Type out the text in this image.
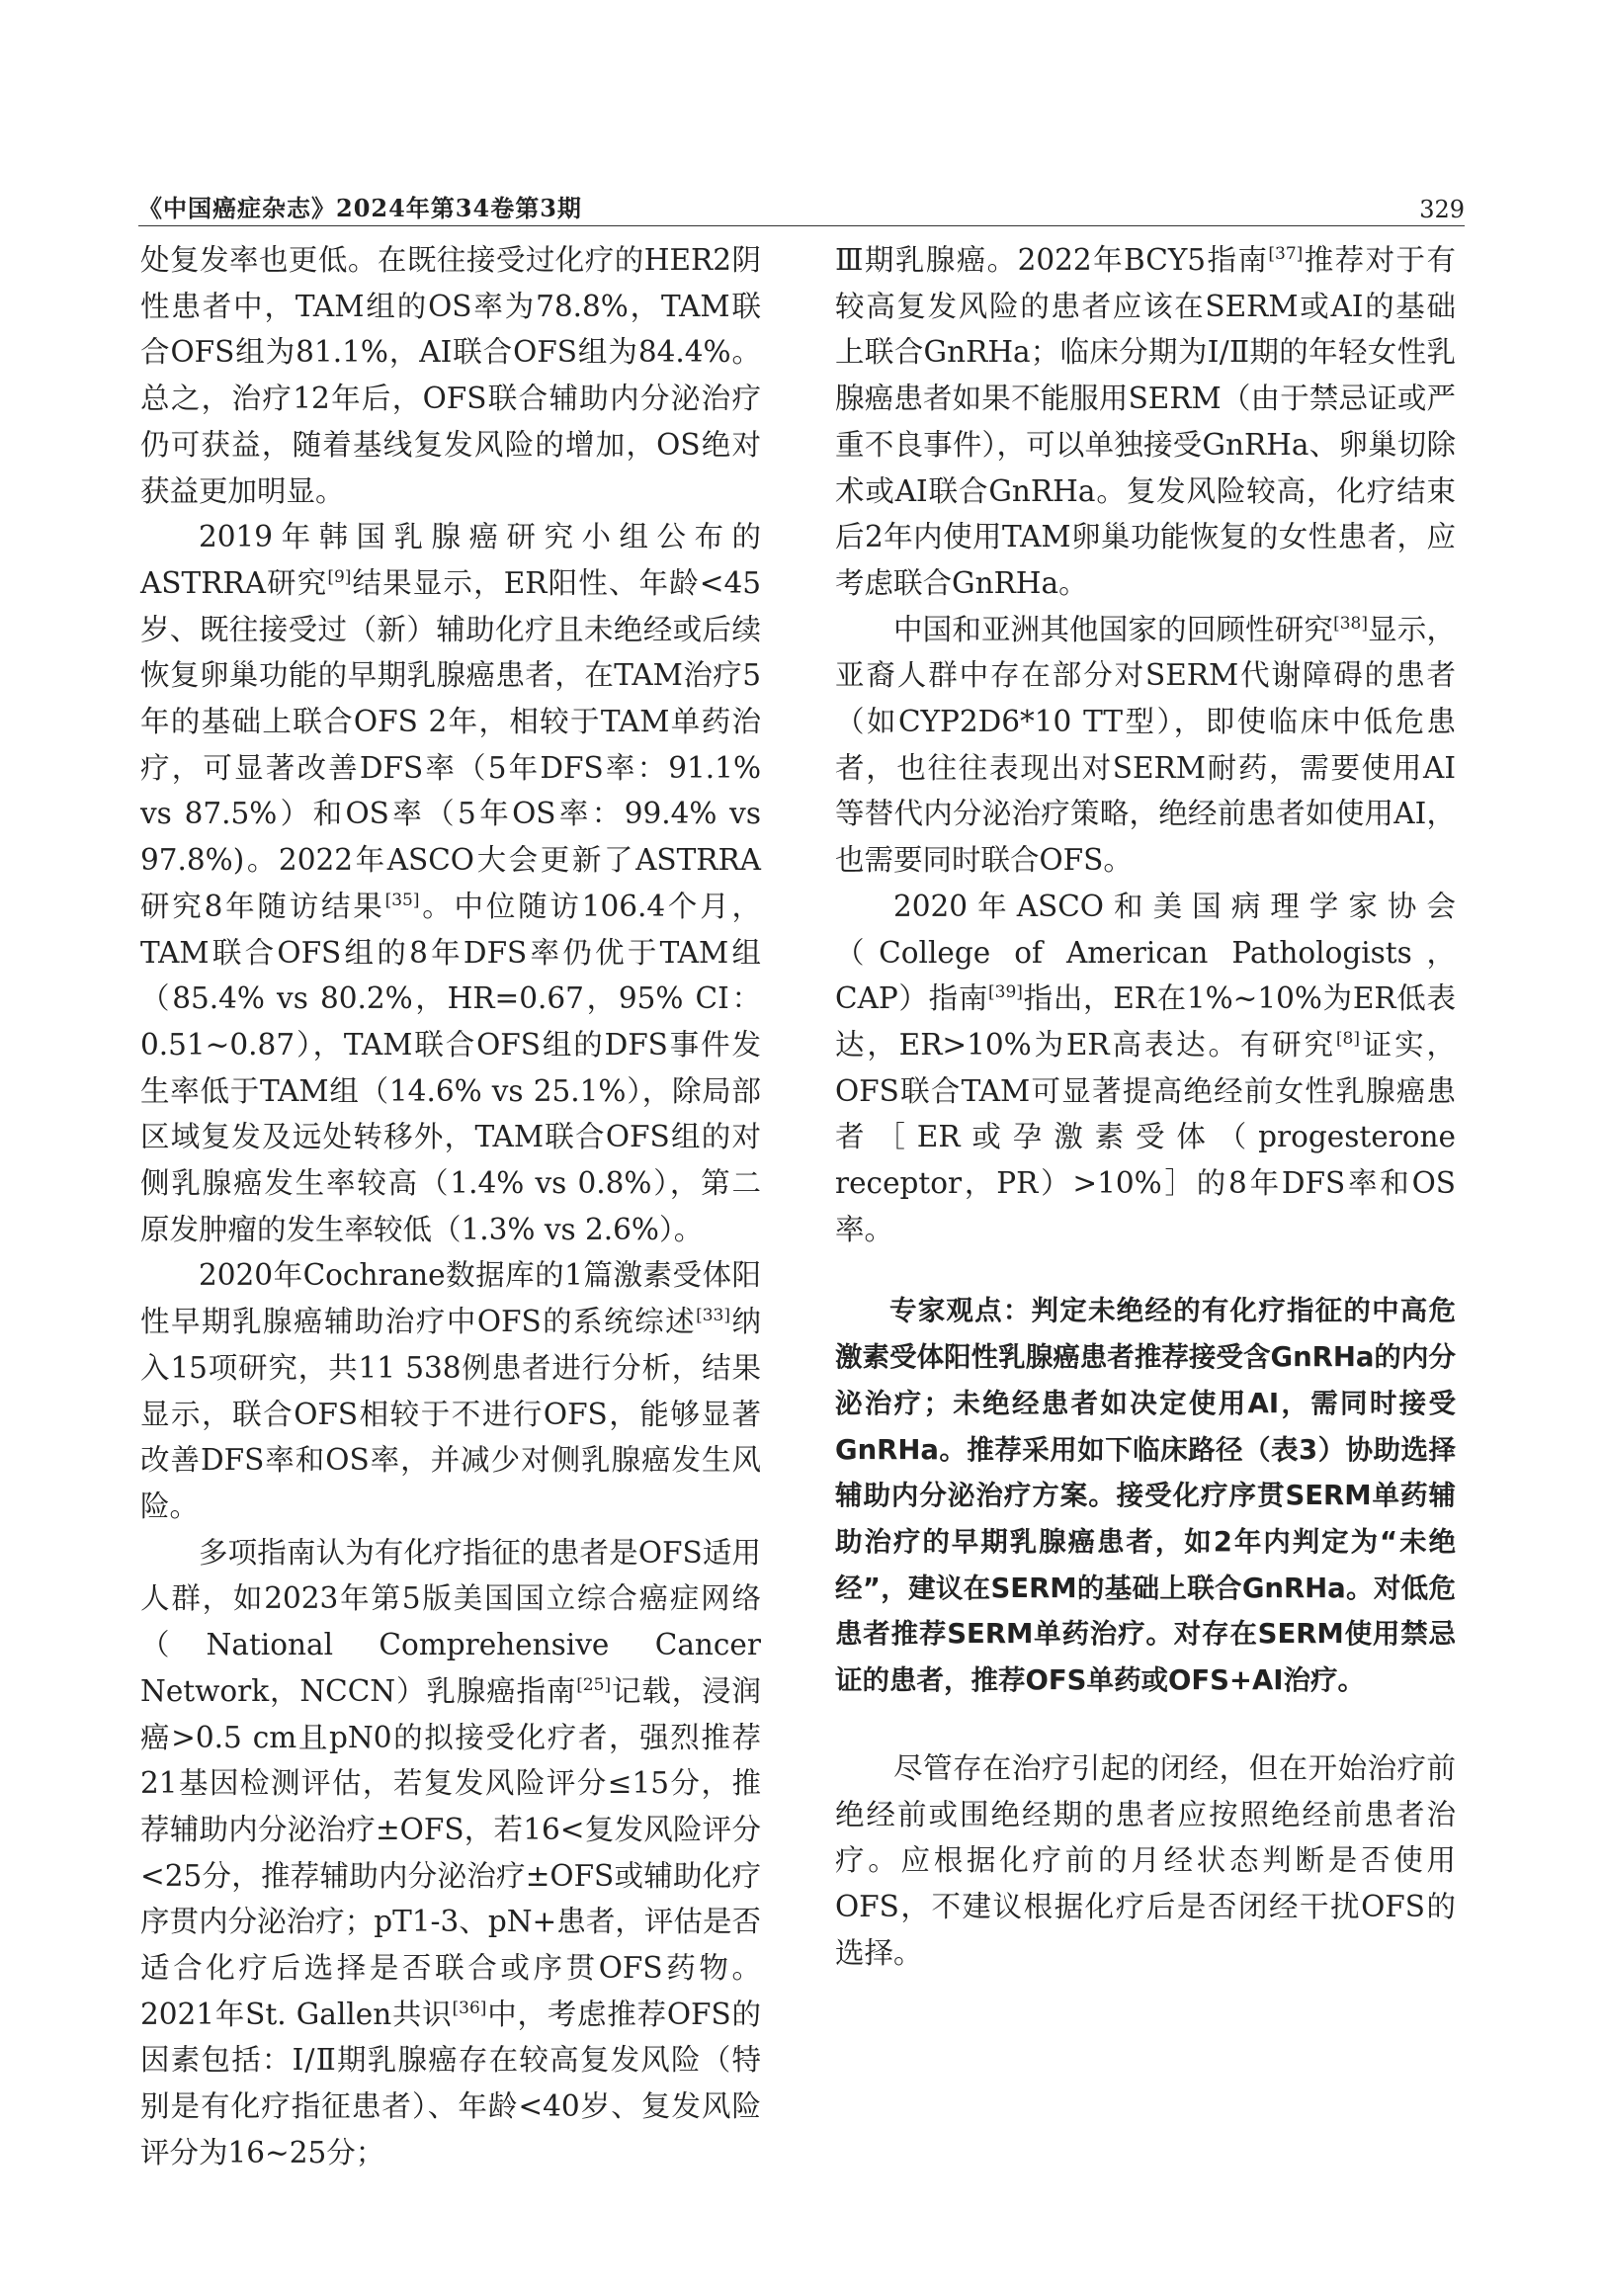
《中国癌症杂志》2024年第34卷第3期	329

处复发率也更低。在既往接受过化疗的HER2阴性患者中，TAM组的OS率为78.8%，TAM联合OFS组为81.1%，AI联合OFS组为84.4%。总之，治疗12年后，OFS联合辅助内分泌治疗仍可获益，随着基线复发风险的增加，OS绝对获益更加明显。

2019年韩国乳腺癌研究小组公布的ASTRRA研究[9]结果显示，ER阳性、年龄<45岁、既往接受过（新）辅助化疗且未绝经或后续恢复卵巢功能的早期乳腺癌患者，在TAM治疗5年的基础上联合OFS 2年，相较于TAM单药治疗，可显著改善DFS率（5年DFS率：91.1% vs 87.5%）和OS率（5年OS率：99.4% vs 97.8%)。2022年ASCO大会更新了ASTRRA研究8年随访结果[35]。中位随访106.4个月，TAM联合OFS组的8年DFS率仍优于TAM组（85.4% vs 80.2%，HR=0.67，95% CI：0.51~0.87），TAM联合OFS组的DFS事件发生率低于TAM组（14.6% vs 25.1%），除局部区域复发及远处转移外，TAM联合OFS组的对侧乳腺癌发生率较高（1.4% vs 0.8%），第二原发肿瘤的发生率较低（1.3% vs 2.6%）。

2020年Cochrane数据库的1篇激素受体阳性早期乳腺癌辅助治疗中OFS的系统综述[33]纳入15项研究，共11 538例患者进行分析，结果显示，联合OFS相较于不进行OFS，能够显著改善DFS率和OS率，并减少对侧乳腺癌发生风险。

多项指南认为有化疗指征的患者是OFS适用人群，如2023年第5版美国国立综合癌症网络（National Comprehensive Cancer Network，NCCN）乳腺癌指南[25]记载，浸润癌>0.5 cm且pN0的拟接受化疗者，强烈推荐21基因检测评估，若复发风险评分≤15分，推荐辅助内分泌治疗±OFS，若16<复发风险评分<25分，推荐辅助内分泌治疗±OFS或辅助化疗序贯内分泌治疗；pT1-3、pN+患者，评估是否适合化疗后选择是否联合或序贯OFS药物。2021年St. Gallen共识[36]中，考虑推荐OFS的因素包括：Ⅰ/Ⅱ期乳腺癌存在较高复发风险（特别是有化疗指征患者）、年龄<40岁、复发风险评分为16~25分；

Ⅲ期乳腺癌。2022年BCY5指南[37]推荐对于有较高复发风险的患者应该在SERM或AI的基础上联合GnRHa；临床分期为Ⅰ/Ⅱ期的年轻女性乳腺癌患者如果不能服用SERM（由于禁忌证或严重不良事件），可以单独接受GnRHa、卵巢切除术或AI联合GnRHa。复发风险较高，化疗结束后2年内使用TAM卵巢功能恢复的女性患者，应考虑联合GnRHa。

中国和亚洲其他国家的回顾性研究[38]显示，亚裔人群中存在部分对SERM代谢障碍的患者（如CYP2D6*10 TT型），即使临床中低危患者，也往往表现出对SERM耐药，需要使用AI等替代内分泌治疗策略，绝经前患者如使用AI，也需要同时联合OFS。

2020年ASCO和美国病理学家协会（College of American Pathologists，CAP）指南[39]指出，ER在1%~10%为ER低表达，ER>10%为ER高表达。有研究[8]证实，OFS联合TAM可显著提高绝经前女性乳腺癌患者［ER或孕激素受体（progesterone receptor，PR）>10%］的8年DFS率和OS率。

专家观点：判定未绝经的有化疗指征的中高危激素受体阳性乳腺癌患者推荐接受含GnRHa的内分泌治疗；未绝经患者如决定使用AI，需同时接受GnRHa。推荐采用如下临床路径（表3）协助选择辅助内分泌治疗方案。接受化疗序贯SERM单药辅助治疗的早期乳腺癌患者，如2年内判定为“未绝经”，建议在SERM的基础上联合GnRHa。对低危患者推荐SERM单药治疗。对存在SERM使用禁忌证的患者，推荐OFS单药或OFS+AI治疗。

尽管存在治疗引起的闭经，但在开始治疗前绝经前或围绝经期的患者应按照绝经前患者治疗。应根据化疗前的月经状态判断是否使用OFS，不建议根据化疗后是否闭经干扰OFS的选择。
